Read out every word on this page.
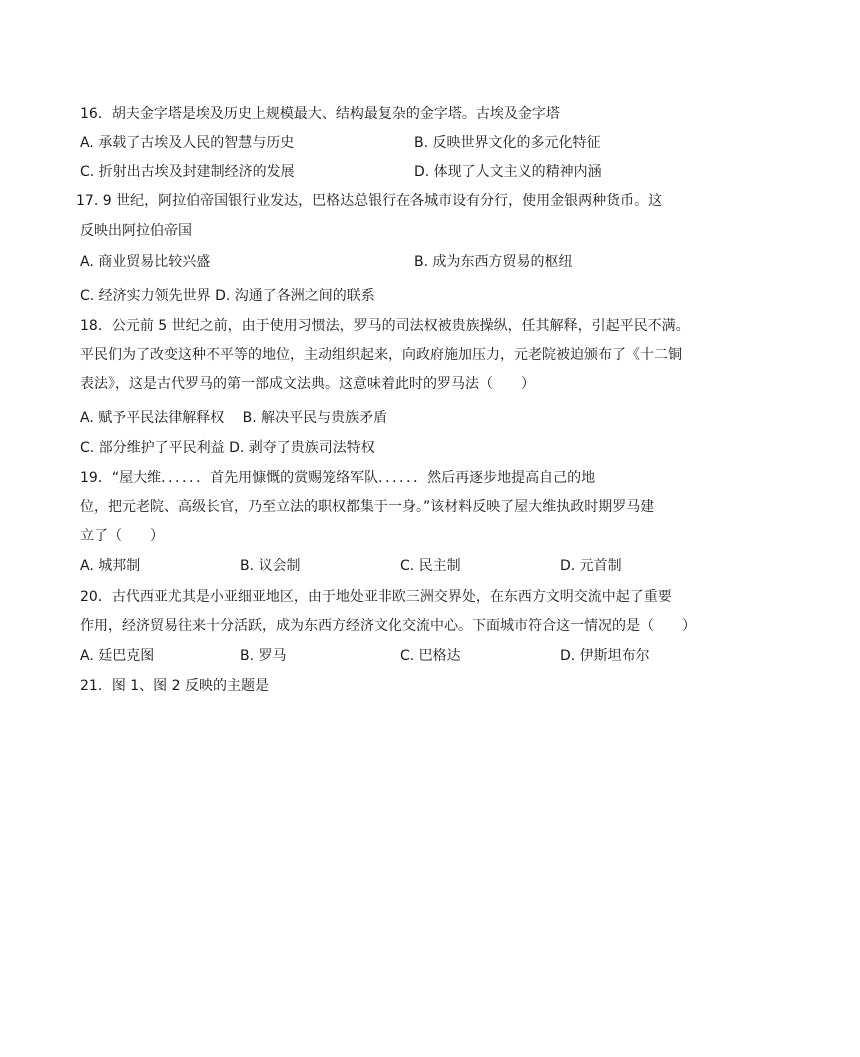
16．胡夫金字塔是埃及历史上规模最大、结构最复杂的金字塔。古埃及金字塔
A. 承载了古埃及人民的智慧与历史	B. 反映世界文化的多元化特征
C. 折射出古埃及封建制经济的发展	D. 体现了人文主义的精神内涵
17. 9 世纪，阿拉伯帝国银行业发达，巴格达总银行在各城市设有分行，使用金银两种货币。这
反映出阿拉伯帝国
A. 商业贸易比较兴盛	B. 成为东西方贸易的枢纽
C. 经济实力领先世界 D. 沟通了各洲之间的联系
18．公元前 5 世纪之前，由于使用习惯法，罗马的司法权被贵族操纵，任其解释，引起平民不满。
平民们为了改变这种不平等的地位，主动组织起来，向政府施加压力，元老院被迫颁布了《十二铜
表法》，这是古代罗马的第一部成文法典。这意味着此时的罗马法（　　）
A. 赋予平民法律解释权　 B. 解决平民与贵族矛盾
C. 部分维护了平民利益 D. 剥夺了贵族司法特权
19．“屋大维．．．．．．首先用慷慨的赏赐笼络军队．．．．．．然后再逐步地提高自己的地
位，把元老院、高级长官，乃至立法的职权都集于一身。”该材料反映了屋大维执政时期罗马建
立了（　　）
A. 城邦制	B. 议会制	C. 民主制	D. 元首制
20．古代西亚尤其是小亚细亚地区，由于地处亚非欧三洲交界处，在东西方文明交流中起了重要
作用，经济贸易往来十分活跃，成为东西方经济文化交流中心。下面城市符合这一情况的是（　　）
A. 廷巴克图	B. 罗马	C. 巴格达	D. 伊斯坦布尔
21．图 1、图 2 反映的主题是
